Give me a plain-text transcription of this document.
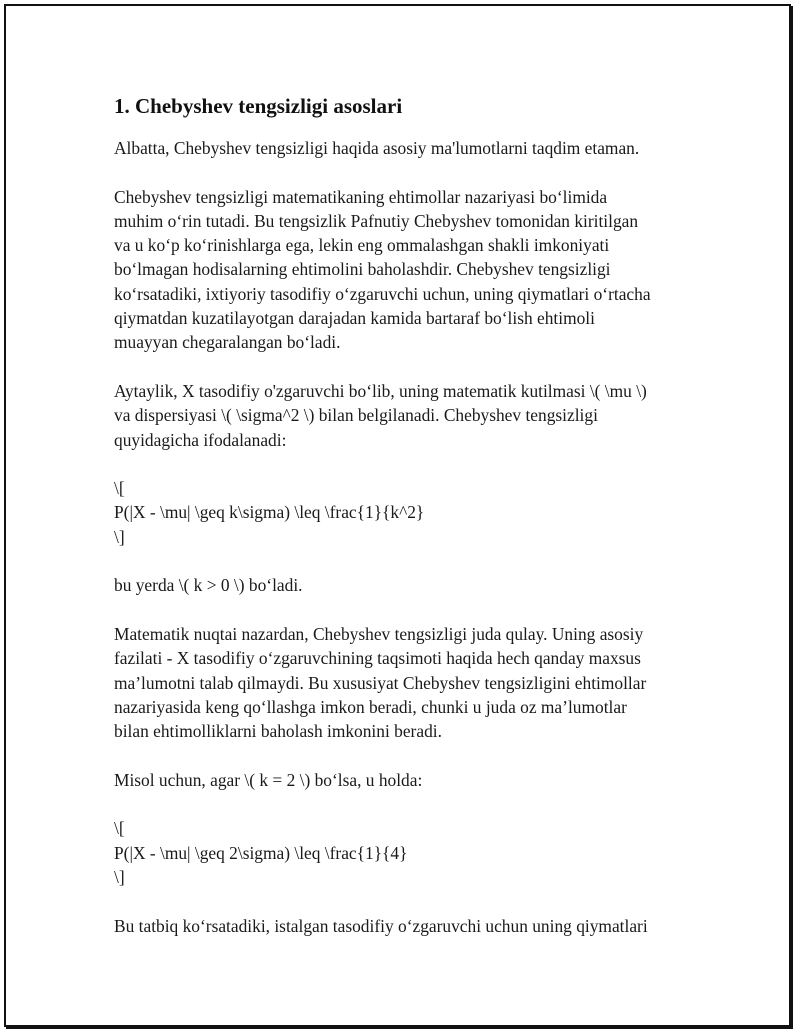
1. Chebyshev tengsizligi asoslari

Albatta, Chebyshev tengsizligi haqida asosiy ma'lumotlarni taqdim etaman.

Chebyshev tengsizligi matematikaning ehtimollar nazariyasi bo‘limida
muhim o‘rin tutadi. Bu tengsizlik Pafnutiy Chebyshev tomonidan kiritilgan
va u ko‘p ko‘rinishlarga ega, lekin eng ommalashgan shakli imkoniyati
bo‘lmagan hodisalarning ehtimolini baholashdir. Chebyshev tengsizligi
ko‘rsatadiki, ixtiyoriy tasodifiy o‘zgaruvchi uchun, uning qiymatlari o‘rtacha
qiymatdan kuzatilayotgan darajadan kamida bartaraf bo‘lish ehtimoli
muayyan chegaralangan bo‘ladi.

Aytaylik, X tasodifiy o'zgaruvchi bo‘lib, uning matematik kutilmasi \( \mu \)
va dispersiyasi \( \sigma^2 \) bilan belgilanadi. Chebyshev tengsizligi
quyidagicha ifodalanadi:

\[
P(|X - \mu| \geq k\sigma) \leq \frac{1}{k^2}
\]

bu yerda \( k > 0 \) bo‘ladi.

Matematik nuqtai nazardan, Chebyshev tengsizligi juda qulay. Uning asosiy
fazilati - X tasodifiy o‘zgaruvchining taqsimoti haqida hech qanday maxsus
ma’lumotni talab qilmaydi. Bu xususiyat Chebyshev tengsizligini ehtimollar
nazariyasida keng qo‘llashga imkon beradi, chunki u juda oz ma’lumotlar
bilan ehtimolliklarni baholash imkonini beradi.

Misol uchun, agar \( k = 2 \) bo‘lsa, u holda:

\[
P(|X - \mu| \geq 2\sigma) \leq \frac{1}{4}
\]

Bu tatbiq ko‘rsatadiki, istalgan tasodifiy o‘zgaruvchi uchun uning qiymatlari
